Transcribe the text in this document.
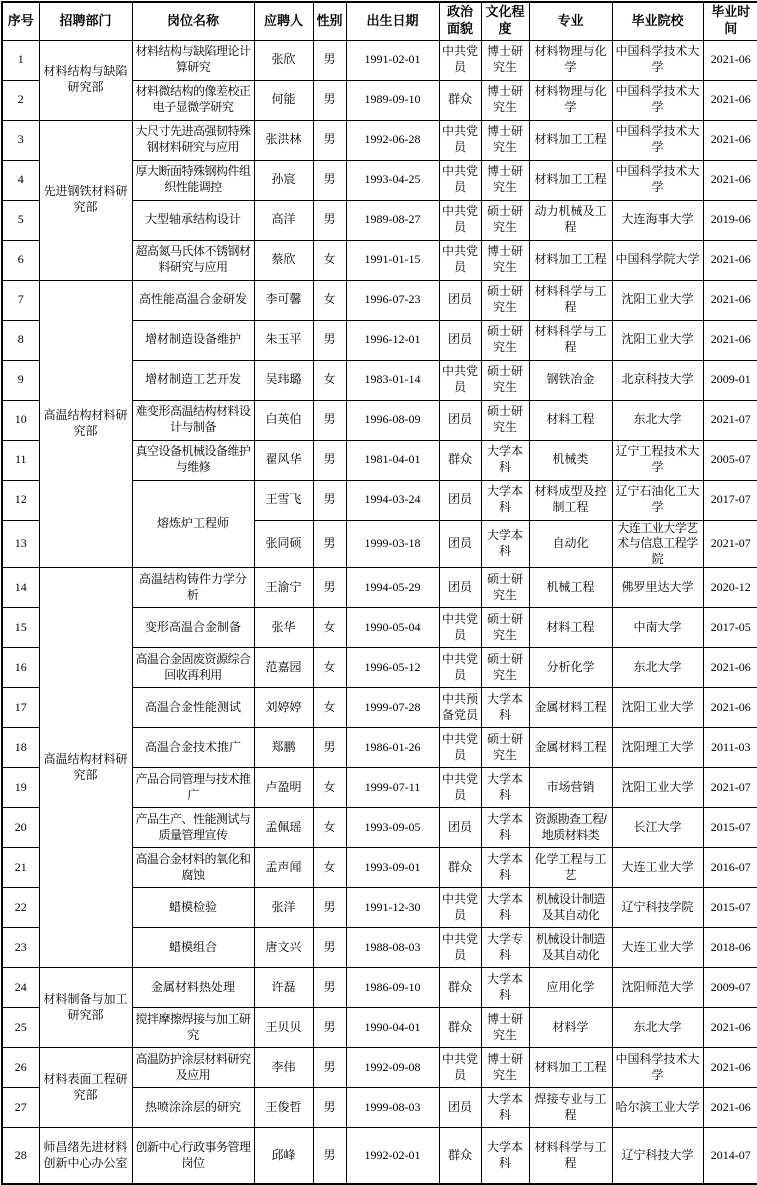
序号	招聘部门	岗位名称	应聘人	性别	出生日期	政治面貌	文化程度	专业	毕业院校	毕业时间
1	材料结构与缺陷研究部	材料结构与缺陷理论计算研究	张欣	男	1991-02-01	中共党员	博士研究生	材料物理与化学	中国科学技术大学	2021-06
2		材料微结构的像差校正电子显微学研究	何能	男	1989-09-10	群众	博士研究生	材料物理与化学	中国科学技术大学	2021-06
3	先进钢铁材料研究部	大尺寸先进高强韧特殊钢材料研究与应用	张洪林	男	1992-06-28	中共党员	博士研究生	材料加工工程	中国科学技术大学	2021-06
4		厚大断面特殊钢构件组织性能调控	孙宸	男	1993-04-25	中共党员	博士研究生	材料加工工程	中国科学技术大学	2021-06
5		大型轴承结构设计	高洋	男	1989-08-27	中共党员	硕士研究生	动力机械及工程	大连海事大学	2019-06
6		超高氮马氏体不锈钢材料研究与应用	蔡欣	女	1991-01-15	中共党员	博士研究生	材料加工工程	中国科学院大学	2021-06
7	高温结构材料研究部	高性能高温合金研发	李可馨	女	1996-07-23	团员	硕士研究生	材料科学与工程	沈阳工业大学	2021-06
8		增材制造设备维护	朱玉平	男	1996-12-01	团员	硕士研究生	材料科学与工程	沈阳工业大学	2021-06
9		增材制造工艺开发	吴玮璐	女	1983-01-14	中共党员	硕士研究生	钢铁冶金	北京科技大学	2009-01
10		难变形高温结构材料设计与制备	白英伯	男	1996-08-09	团员	硕士研究生	材料工程	东北大学	2021-07
11		真空设备机械设备维护与维修	翟风华	男	1981-04-01	群众	大学本科	机械类	辽宁工程技术大学	2005-07
12		熔炼炉工程师	王雪飞	男	1994-03-24	团员	大学本科	材料成型及控制工程	辽宁石油化工大学	2017-07
13			张同硕	男	1999-03-18	团员	大学本科	自动化	大连工业大学艺术与信息工程学院	2021-07
14	高温结构材料研究部	高温结构铸件力学分析	王渝宁	男	1994-05-29	团员	硕士研究生	机械工程	佛罗里达大学	2020-12
15		变形高温合金制备	张华	女	1990-05-04	中共党员	硕士研究生	材料工程	中南大学	2017-05
16		高温合金固废资源综合回收再利用	范嘉园	女	1996-05-12	中共党员	硕士研究生	分析化学	东北大学	2021-06
17		高温合金性能测试	刘婷婷	女	1999-07-28	中共预备党员	大学本科	金属材料工程	沈阳工业大学	2021-06
18		高温合金技术推广	郑鹏	男	1986-01-26	中共党员	硕士研究生	金属材料工程	沈阳理工大学	2011-03
19		产品合同管理与技术推广	卢盈明	女	1999-07-11	中共党员	大学本科	市场营销	沈阳工业大学	2021-07
20		产品生产、性能测试与质量管理宣传	孟佩瑶	女	1993-09-05	团员	大学本科	资源勘查工程/地质材料类	长江大学	2015-07
21		高温合金材料的氧化和腐蚀	孟声闻	女	1993-09-01	群众	大学本科	化学工程与工艺	大连工业大学	2016-07
22		蜡模检验	张洋	男	1991-12-30	中共党员	大学本科	机械设计制造及其自动化	辽宁科技学院	2015-07
23		蜡模组合	唐文兴	男	1988-08-03	中共党员	大学专科	机械设计制造及其自动化	大连工业大学	2018-06
24	材料制备与加工研究部	金属材料热处理	许磊	男	1986-09-10	群众	大学本科	应用化学	沈阳师范大学	2009-07
25		搅拌摩擦焊接与加工研究	王贝贝	男	1990-04-01	群众	博士研究生	材料学	东北大学	2021-06
26	材料表面工程研究部	高温防护涂层材料研究及应用	李伟	男	1992-09-08	中共党员	博士研究生	材料加工工程	中国科学技术大学	2021-06
27		热喷涂涂层的研究	王俊哲	男	1999-08-03	团员	大学本科	焊接专业与工程	哈尔滨工业大学	2021-06
28	师昌绪先进材料创新中心办公室	创新中心行政事务管理岗位	邱峰	男	1992-02-01	群众	大学本科	材料科学与工程	辽宁科技大学	2014-07
